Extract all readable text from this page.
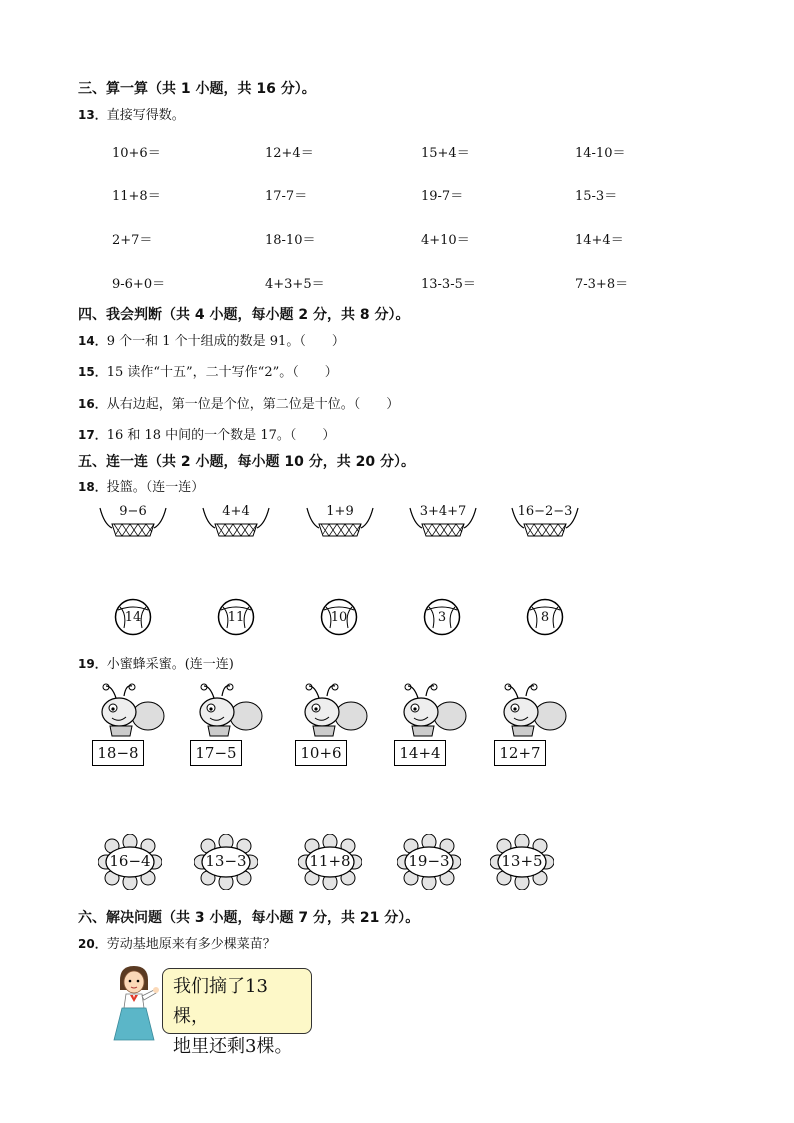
三、算一算（共 1 小题，共 16 分）。
13．直接写得数。
10+6＝	12+4＝	15+4＝	14-10＝
11+8＝	17-7＝	19-7＝	15-3＝
2+7＝	18-10＝	4+10＝	14+4＝
9-6+0＝	4+3+5＝	13-3-5＝	7-3+8＝
四、我会判断（共 4 小题，每小题 2 分，共 8 分）。
14．9 个一和 1 个十组成的数是 91。（　　）
15．15 读作“十五”，二十写作“2”。（　　）
16．从右边起，第一位是个位，第二位是十位。（　　）
17．16 和 18 中间的一个数是 17。（　　）
五、连一连（共 2 小题，每小题 10 分，共 20 分）。
18．投篮。（连一连）
9−6	4+4	1+9	3+4+7	16−2−3
14	11	10	3	8
19．小蜜蜂采蜜。(连一连)
18−8	17−5	10+6	14+4	12+7
16−4	13−3	11+8	19−3	13+5
六、解决问题（共 3 小题，每小题 7 分，共 21 分）。
20．劳动基地原来有多少棵菜苗？
我们摘了13棵，
地里还剩3棵。
